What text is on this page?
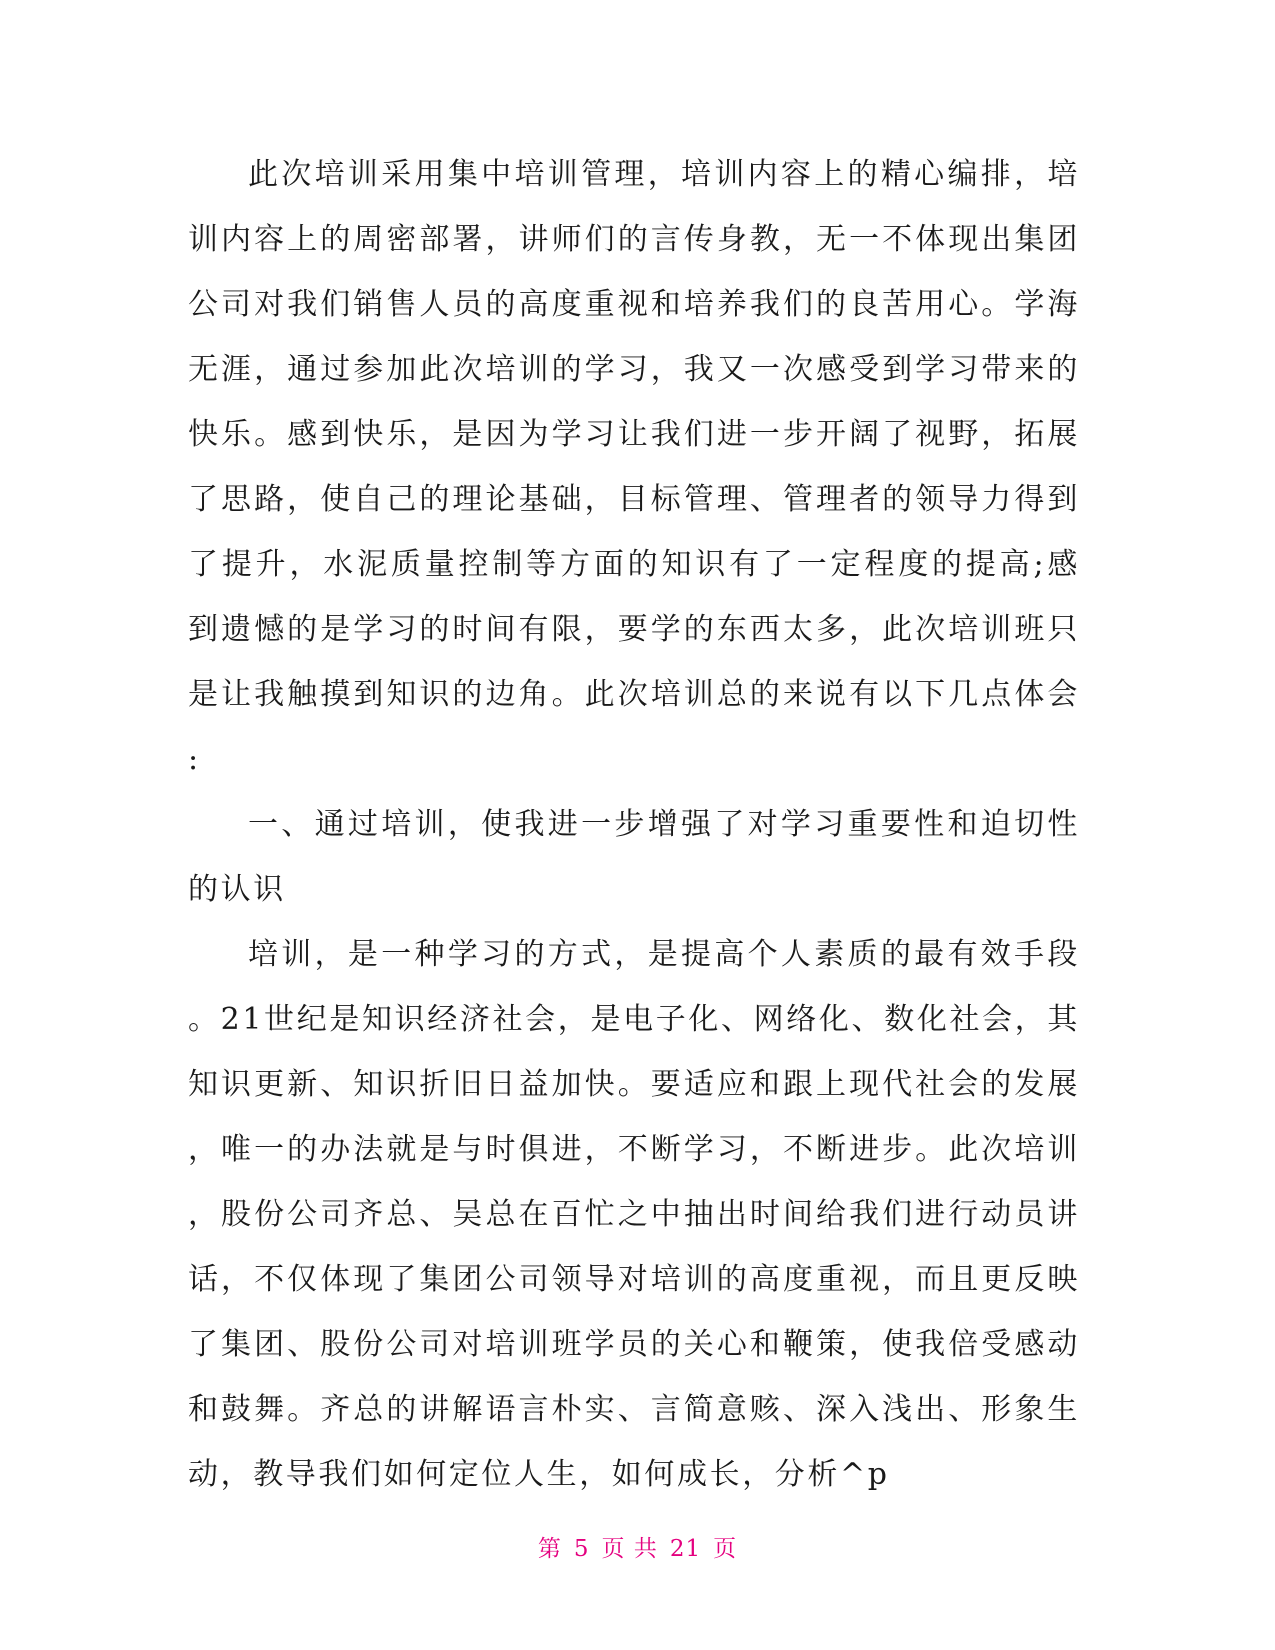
此次培训采用集中培训管理，培训内容上的精心编排，培
训内容上的周密部署，讲师们的言传身教，无一不体现出集团
公司对我们销售人员的高度重视和培养我们的良苦用心。学海
无涯，通过参加此次培训的学习，我又一次感受到学习带来的
快乐。感到快乐，是因为学习让我们进一步开阔了视野，拓展
了思路，使自己的理论基础，目标管理、管理者的领导力得到
了提升，水泥质量控制等方面的知识有了一定程度的提高;感
到遗憾的是学习的时间有限，要学的东西太多，此次培训班只
是让我触摸到知识的边角。此次培训总的来说有以下几点体会
:
一、通过培训，使我进一步增强了对学习重要性和迫切性
的认识
培训，是一种学习的方式，是提高个人素质的最有效手段
。21世纪是知识经济社会，是电子化、网络化、数化社会，其
知识更新、知识折旧日益加快。要适应和跟上现代社会的发展
，唯一的办法就是与时俱进，不断学习，不断进步。此次培训
，股份公司齐总、吴总在百忙之中抽出时间给我们进行动员讲
话，不仅体现了集团公司领导对培训的高度重视，而且更反映
了集团、股份公司对培训班学员的关心和鞭策，使我倍受感动
和鼓舞。齐总的讲解语言朴实、言简意赅、深入浅出、形象生
动，教导我们如何定位人生，如何成长，分析^p
第 5 页 共 21 页
